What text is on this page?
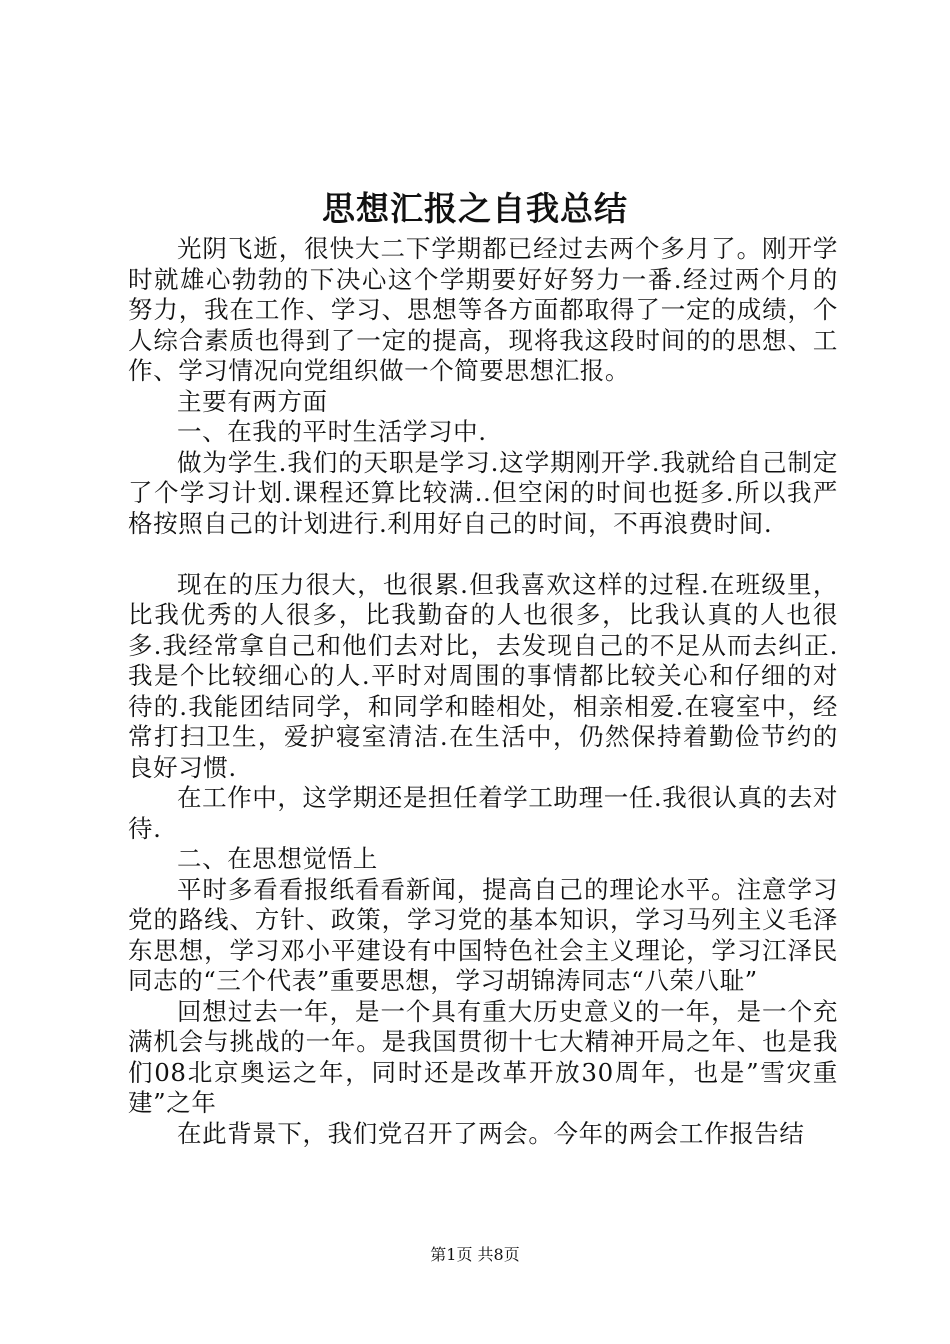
思想汇报之自我总结

光阴飞逝，很快大二下学期都已经过去两个多月了。刚开学时就雄心勃勃的下决心这个学期要好好努力一番.经过两个月的努力，我在工作、学习、思想等各方面都取得了一定的成绩，个人综合素质也得到了一定的提高，现将我这段时间的的思想、工作、学习情况向党组织做一个简要思想汇报。

主要有两方面

一、在我的平时生活学习中.

做为学生.我们的天职是学习.这学期刚开学.我就给自己制定了个学习计划.课程还算比较满..但空闲的时间也挺多.所以我严格按照自己的计划进行.利用好自己的时间，不再浪费时间.

现在的压力很大，也很累.但我喜欢这样的过程.在班级里，比我优秀的人很多，比我勤奋的人也很多，比我认真的人也很多.我经常拿自己和他们去对比，去发现自己的不足从而去纠正.我是个比较细心的人.平时对周围的事情都比较关心和仔细的对待的.我能团结同学，和同学和睦相处，相亲相爱.在寝室中，经常打扫卫生，爱护寝室清洁.在生活中，仍然保持着勤俭节约的良好习惯.

在工作中，这学期还是担任着学工助理一任.我很认真的去对待.

二、在思想觉悟上

平时多看看报纸看看新闻，提高自己的理论水平。注意学习党的路线、方针、政策，学习党的基本知识，学习马列主义毛泽东思想，学习邓小平建设有中国特色社会主义理论，学习江泽民同志的“三个代表”重要思想，学习胡锦涛同志“八荣八耻”

回想过去一年，是一个具有重大历史意义的一年，是一个充满机会与挑战的一年。是我国贯彻十七大精神开局之年、也是我们08北京奥运之年，同时还是改革开放30周年，也是”雪灾重建”之年

在此背景下，我们党召开了两会。今年的两会工作报告结

第1页 共8页
